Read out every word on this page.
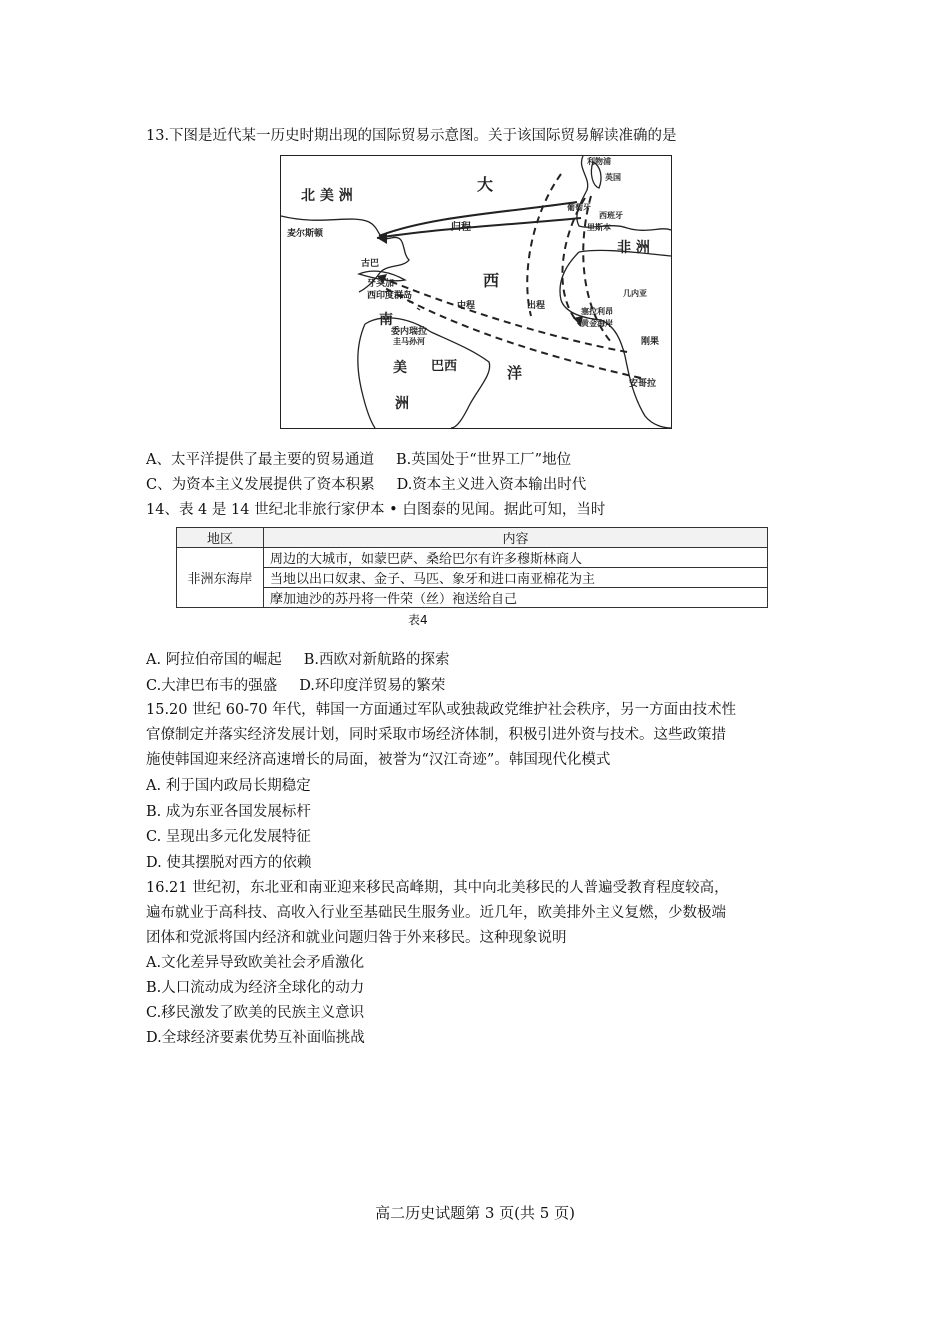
13.下图是近代某一历史时期出现的国际贸易示意图。关于该国际贸易解读准确的是
北 美 洲
大
西
洋
南
美
洲
巴西
非 洲
古巴
牙买加
西印度群岛
委内瑞拉
圭马孙河
麦尔斯顿
归程
出程
中程
利物浦
英国
葡萄牙
西班牙
里斯本
塞拉利昂
黄金海岸
几内亚
刚果
安哥拉
A、太平洋提供了最主要的贸易通道 B.英国处于“世界工厂”地位
C、为资本主义发展提供了资本积累 D.资本主义进入资本输出时代
14、表 4 是 14 世纪北非旅行家伊本 • 白图泰的见闻。据此可知，当时
地区	内容
非洲东海岸	周边的大城市，如蒙巴萨、桑给巴尔有许多穆斯林商人
	当地以出口奴隶、金子、马匹、象牙和进口南亚棉花为主
	摩加迪沙的苏丹将一件荣（丝）袍送给自己
表4
A. 阿拉伯帝国的崛起 B.西欧对新航路的探索
C.大津巴布韦的强盛 D.环印度洋贸易的繁荣
15.20 世纪 60-70 年代，韩国一方面通过军队或独裁政党维护社会秩序，另一方面由技术性
官僚制定并落实经济发展计划，同时采取市场经济体制，积极引进外资与技术。这些政策措
施使韩国迎来经济高速增长的局面，被誉为“汉江奇迹”。韩国现代化模式
A. 利于国内政局长期稳定
B. 成为东亚各国发展标杆
C. 呈现出多元化发展特征
D. 使其摆脱对西方的依赖
16.21 世纪初，东北亚和南亚迎来移民高峰期，其中向北美移民的人普遍受教育程度较高，
遍布就业于高科技、高收入行业至基础民生服务业。近几年，欧美排外主义复燃，少数极端
团体和党派将国内经济和就业问题归咎于外来移民。这种现象说明
A.文化差异导致欧美社会矛盾激化
B.人口流动成为经济全球化的动力
C.移民激发了欧美的民族主义意识
D.全球经济要素优势互补面临挑战
高二历史试题第 3 页(共 5 页)
